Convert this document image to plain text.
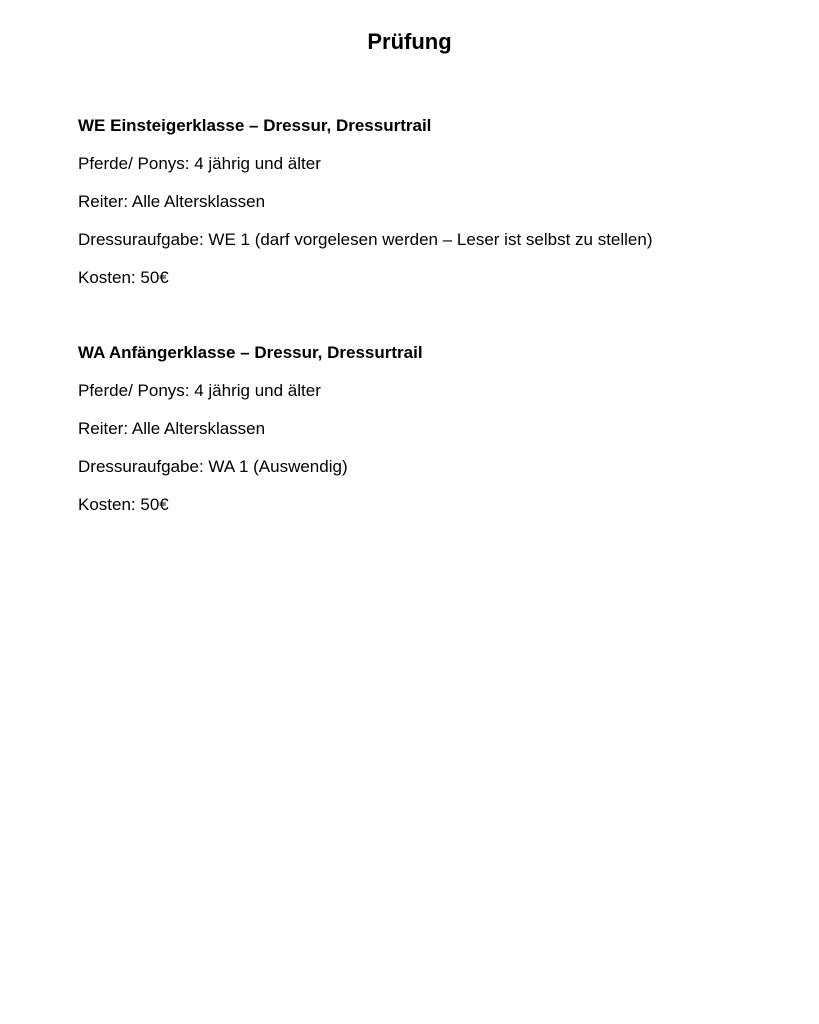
Prüfung

WE Einsteigerklasse – Dressur, Dressurtrail

Pferde/ Ponys: 4 jährig und älter

Reiter: Alle Altersklassen

Dressuraufgabe: WE 1 (darf vorgelesen werden – Leser ist selbst zu stellen)

Kosten: 50€

WA Anfängerklasse – Dressur, Dressurtrail

Pferde/ Ponys: 4 jährig und älter

Reiter: Alle Altersklassen

Dressuraufgabe: WA 1 (Auswendig)

Kosten: 50€
